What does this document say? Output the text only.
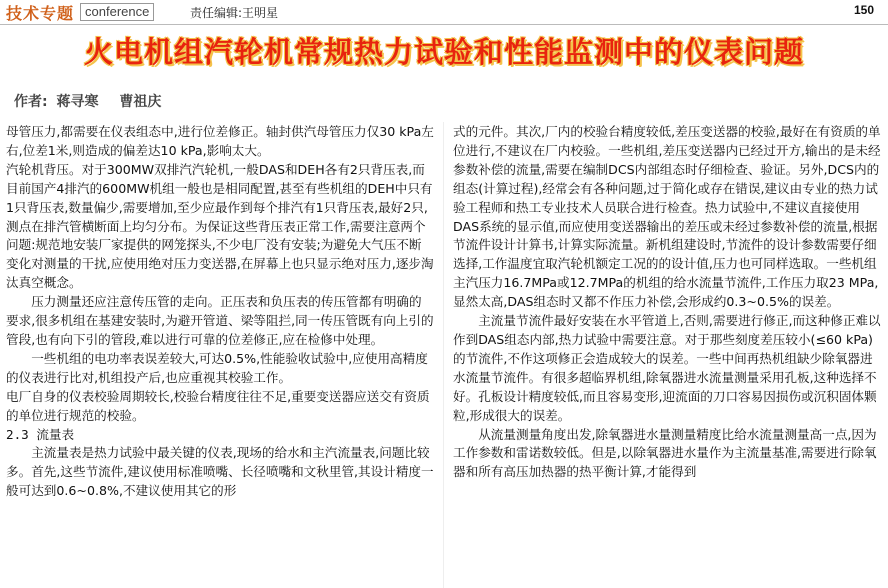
技术专题 conference	责任编辑:王明星	150
火电机组汽轮机常规热力试验和性能监测中的仪表问题
作者: 蒋寻寒 曹祖庆

母管压力,都需要在仪表组态中,进行位差修正。轴封供汽母管压力仅30 kPa左右,位差1米,则造成的偏差达10 kPa,影响太大。

汽轮机背压。对于300MW双排汽汽轮机,一般DAS和DEH各有2只背压表,而目前国产4排汽的600MW机组一般也是相同配置,甚至有些机组的DEH中只有1只背压表,数量偏少,需要增加,至少应最作到每个排汽有1只背压表,最好2只,测点在排汽管横断面上均匀分布。为保证这些背压表正常工作,需要注意两个问题:规范地安装厂家提供的网笼探头,不少电厂没有安装;为避免大气压不断变化对测量的干扰,应使用绝对压力变送器,在屏幕上也只显示绝对压力,逐步淘汰真空概念。

压力测量还应注意传压管的走向。正压表和负压表的传压管都有明确的要求,很多机组在基建安装时,为避开管道、梁等阻拦,同一传压管既有向上引的管段,也有向下引的管段,难以进行可靠的位差修正,应在检修中处理。

一些机组的电功率表误差较大,可达0.5%,性能验收试验中,应使用高精度的仪表进行比对,机组投产后,也应重视其校验工作。

电厂自身的仪表校验周期较长,校验台精度往往不足,重要变送器应送交有资质的单位进行规范的校验。

2.3 流量表

主流量表是热力试验中最关键的仪表,现场的给水和主汽流量表,问题比较多。首先,这些节流件,建议使用标准喷嘴、长径喷嘴和文秋里管,其设计精度一般可达到0.6~0.8%,不建议使用其它的形

式的元件。其次,厂内的校验台精度较低,差压变送器的校验,最好在有资质的单位进行,不建议在厂内校验。一些机组,差压变送器内已经过开方,输出的是未经参数补偿的流量,需要在编制DCS内部组态时仔细检查、验证。另外,DCS内的组态(计算过程),经常会有各种问题,过于简化或存在错误,建议由专业的热力试验工程师和热工专业技术人员联合进行检查。热力试验中,不建议直接使用DAS系统的显示值,而应使用变送器输出的差压或未经过参数补偿的流量,根据节流件设计计算书,计算实际流量。新机组建设时,节流件的设计参数需要仔细选择,工作温度宜取汽轮机额定工况的的设计值,压力也可同样选取。一些机组主汽压力16.7MPa或12.7MPa的机组的给水流量节流件,工作压力取23 MPa,显然太高,DAS组态时又都不作压力补偿,会形成约0.3~0.5%的误差。

主流量节流件最好安装在水平管道上,否则,需要进行修正,而这种修正难以作到DAS组态内部,热力试验中需要注意。对于那些刻度差压较小(≤60 kPa)的节流件,不作这项修正会造成较大的误差。一些中间再热机组缺少除氧器进水流量节流件。有很多超临界机组,除氧器进水流量测量采用孔板,这种选择不好。孔板设计精度较低,而且容易变形,迎流面的刀口容易因损伤或沉积固体颗粒,形成很大的误差。

从流量测量角度出发,除氧器进水量测量精度比给水流量测量高一点,因为工作参数和雷诺数较低。但是,以除氧器进水量作为主流量基准,需要进行除氧器和所有高压加热器的热平衡计算,才能得到
